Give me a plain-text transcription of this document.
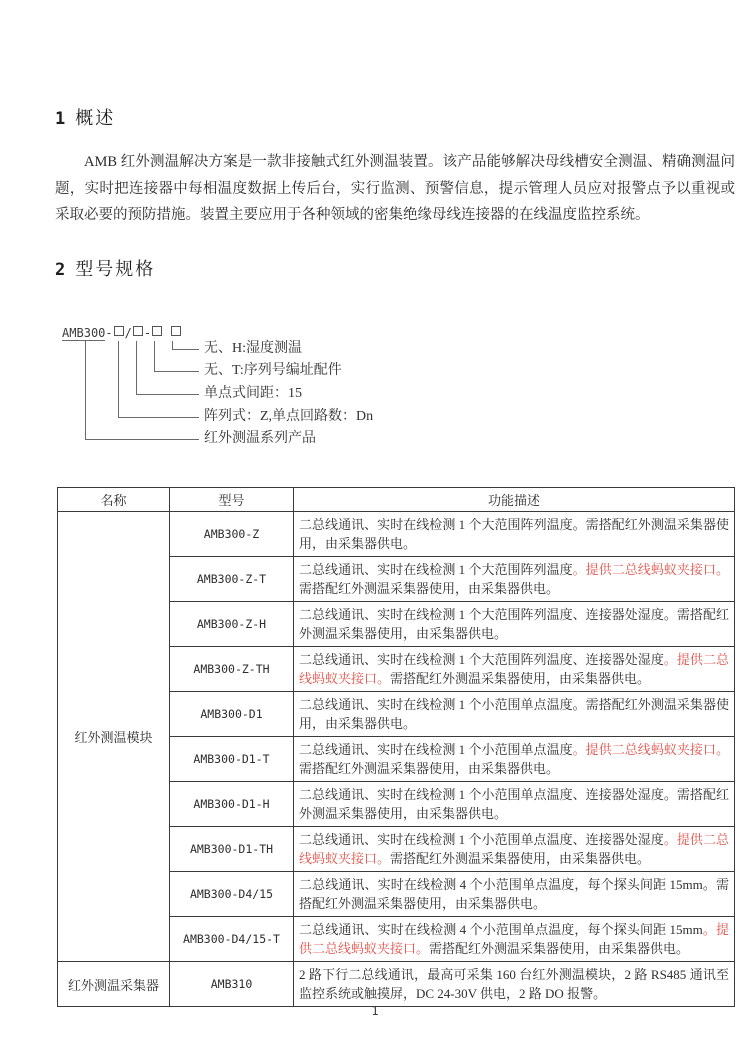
1 概述
AMB 红外测温解决方案是一款非接触式红外测温装置。该产品能够解决母线槽安全测温、精确测温问题，实时把连接器中每相温度数据上传后台，实行监测、预警信息，提示管理人员应对报警点予以重视或采取必要的预防措施。装置主要应用于各种领域的密集绝缘母线连接器的在线温度监控系统。
2 型号规格
AMB300- / -
无、H:湿度测温
无、T:序列号编址配件
单点式间距：15
阵列式：Z,单点回路数：Dn
红外测温系列产品
名称	型号	功能描述
红外测温模块	AMB300-Z	二总线通讯、实时在线检测 1 个大范围阵列温度。需搭配红外测温采集器使用，由采集器供电。
	AMB300-Z-T	二总线通讯、实时在线检测 1 个大范围阵列温度。提供二总线蚂蚁夹接口。需搭配红外测温采集器使用，由采集器供电。
	AMB300-Z-H	二总线通讯、实时在线检测 1 个大范围阵列温度、连接器处湿度。需搭配红外测温采集器使用，由采集器供电。
	AMB300-Z-TH	二总线通讯、实时在线检测 1 个大范围阵列温度、连接器处湿度。提供二总线蚂蚁夹接口。需搭配红外测温采集器使用，由采集器供电。
	AMB300-D1	二总线通讯、实时在线检测 1 个小范围单点温度。需搭配红外测温采集器使用，由采集器供电。
	AMB300-D1-T	二总线通讯、实时在线检测 1 个小范围单点温度。提供二总线蚂蚁夹接口。需搭配红外测温采集器使用，由采集器供电。
	AMB300-D1-H	二总线通讯、实时在线检测 1 个小范围单点温度、连接器处湿度。需搭配红外测温采集器使用，由采集器供电。
	AMB300-D1-TH	二总线通讯、实时在线检测 1 个小范围单点温度、连接器处湿度。提供二总线蚂蚁夹接口。需搭配红外测温采集器使用，由采集器供电。
	AMB300-D4/15	二总线通讯、实时在线检测 4 个小范围单点温度，每个探头间距 15mm。需搭配红外测温采集器使用，由采集器供电。
	AMB300-D4/15-T	二总线通讯、实时在线检测 4 个小范围单点温度，每个探头间距 15mm。提供二总线蚂蚁夹接口。需搭配红外测温采集器使用，由采集器供电。
红外测温采集器	AMB310	2 路下行二总线通讯，最高可采集 160 台红外测温模块，2 路 RS485 通讯至监控系统或触摸屏，DC 24-30V 供电，2 路 DO 报警。
1
